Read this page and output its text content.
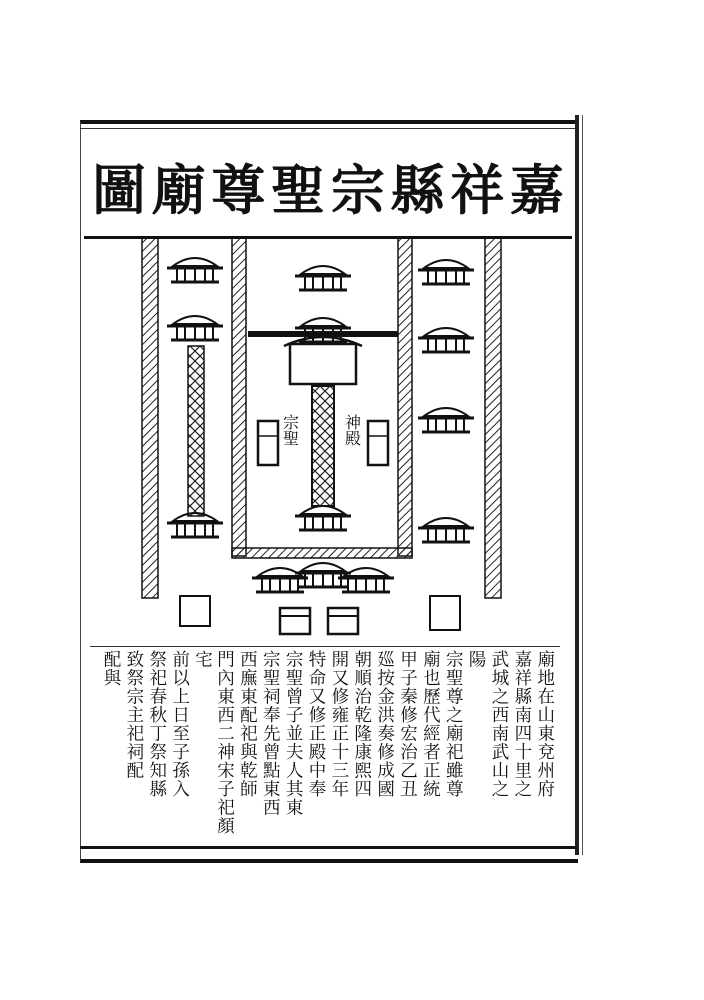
嘉
祥
縣
宗
聖
尊
廟
圖
宗聖	神殿
廟地在山東兗州府
嘉祥縣南四十里之
武城之西南武山之
陽
宗聖尊之廟祀雖尊
廟也歷代經者正統
甲子秦修宏治乙丑
廵按金洪奏修成國
朝順治乾隆康熙四
開又修雍正十三年
特命又修正殿中奉
宗聖曾子並夫人其東
宗聖祠奉先曾點東西
西廡東配祀與乾師
門內東西二神宋子祀顏宅
前以上日至子孫入
祭祀春秋丁祭知縣
致祭宗主祀祠配
配與
